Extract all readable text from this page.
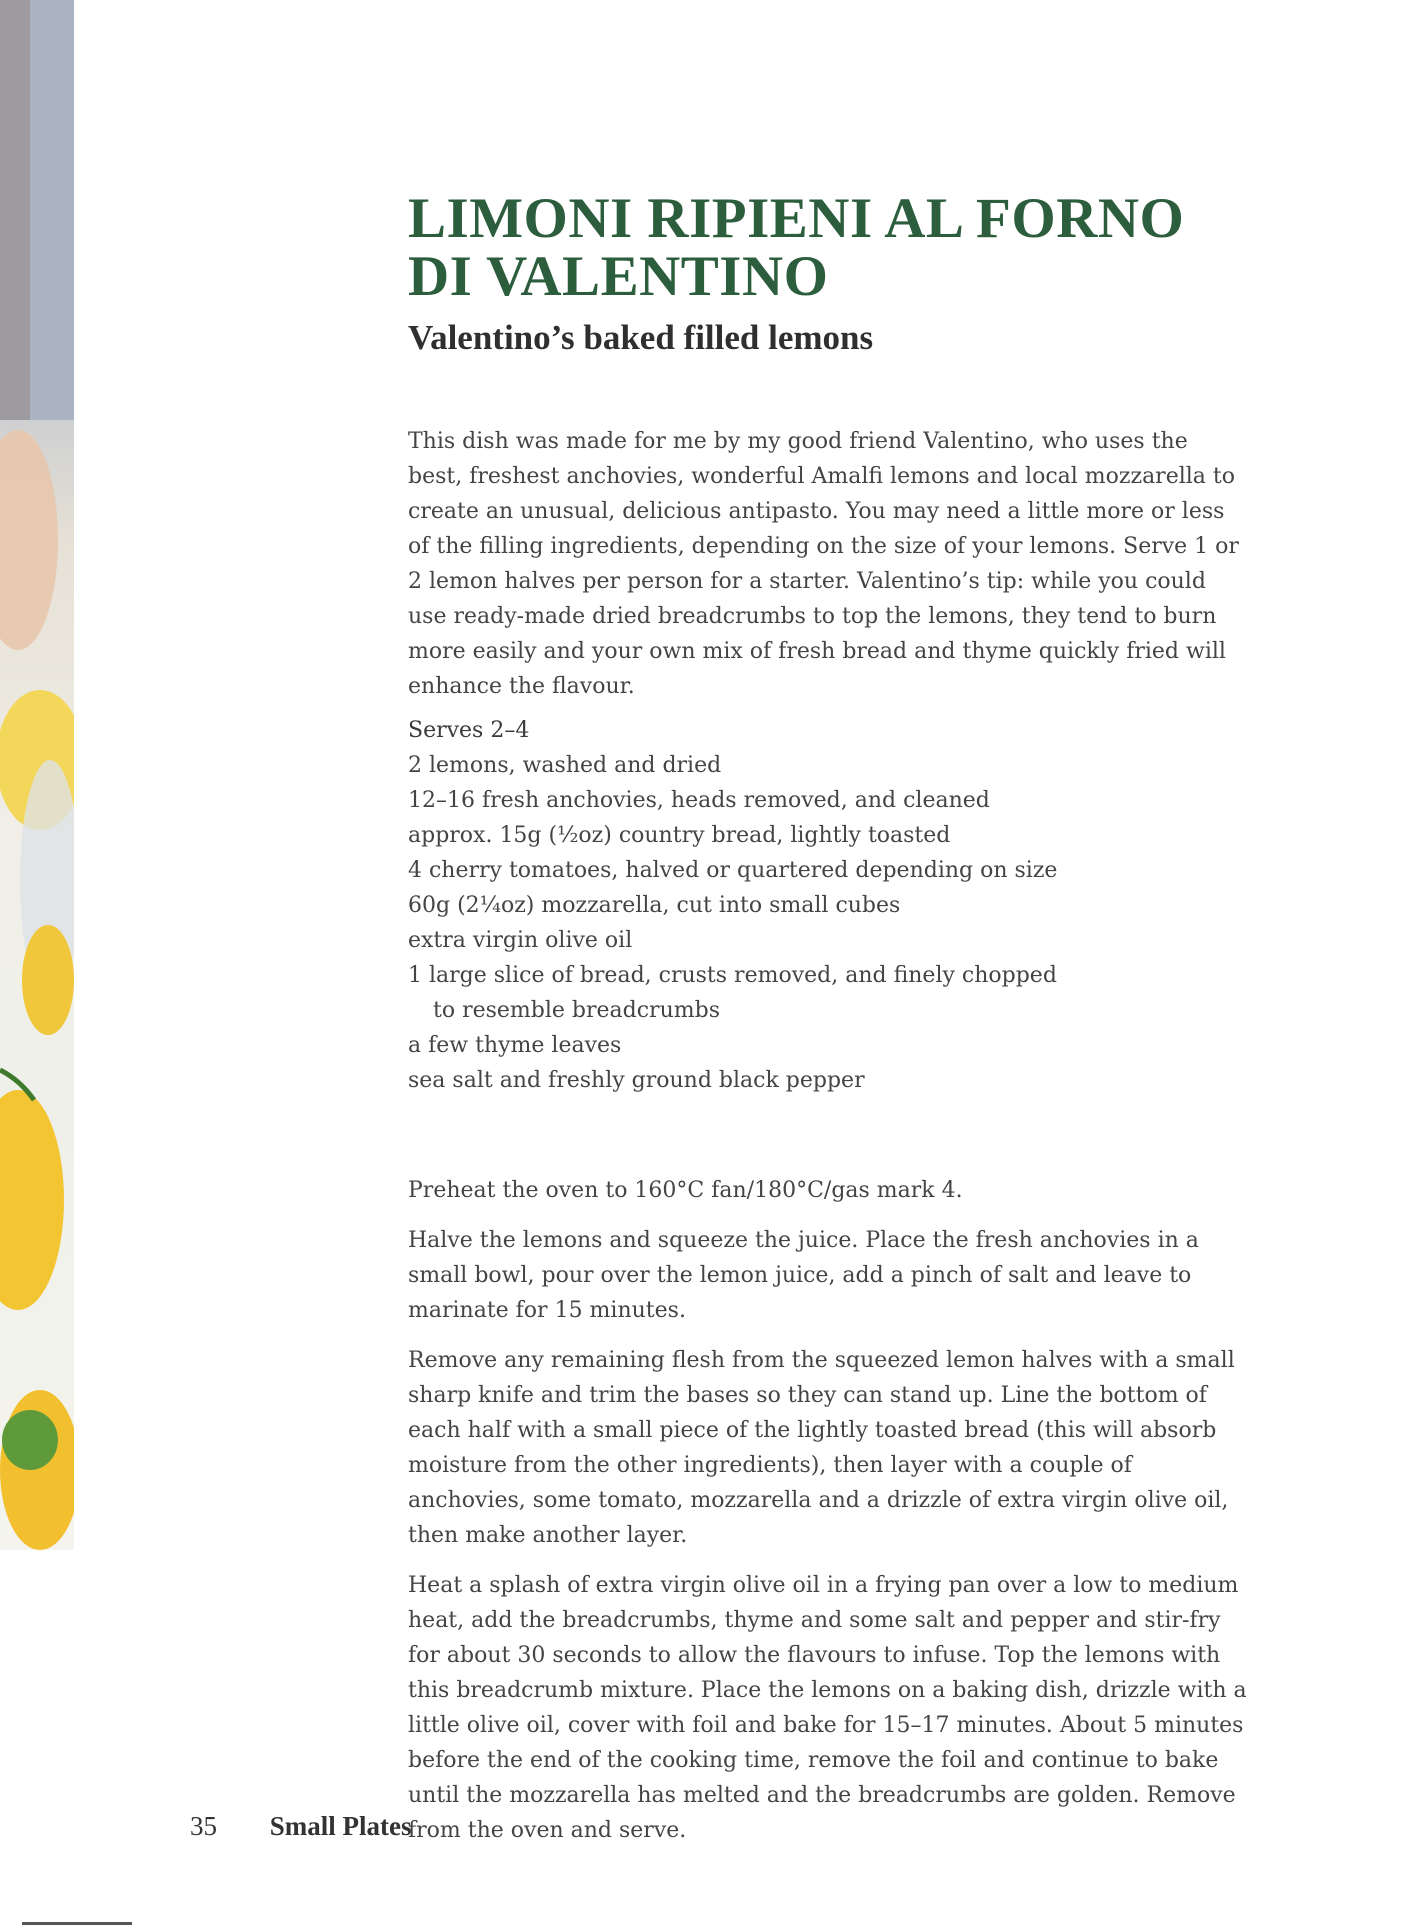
LIMONI RIPIENI AL FORNO
DI VALENTINO
Valentino’s baked filled lemons

This dish was made for me by my good friend Valentino, who uses the best, freshest anchovies, wonderful Amalfi lemons and local mozzarella to create an unusual, delicious antipasto. You may need a little more or less of the filling ingredients, depending on the size of your lemons. Serve 1 or 2 lemon halves per person for a starter. Valentino’s tip: while you could use ready-made dried breadcrumbs to top the lemons, they tend to burn more easily and your own mix of fresh bread and thyme quickly fried will enhance the flavour.

Serves 2–4
2 lemons, washed and dried
12–16 fresh anchovies, heads removed, and cleaned
approx. 15g (½oz) country bread, lightly toasted
4 cherry tomatoes, halved or quartered depending on size
60g (2¼oz) mozzarella, cut into small cubes
extra virgin olive oil
1 large slice of bread, crusts removed, and finely chopped
to resemble breadcrumbs
a few thyme leaves
sea salt and freshly ground black pepper

Preheat the oven to 160°C fan/180°C/gas mark 4.

Halve the lemons and squeeze the juice. Place the fresh anchovies in a small bowl, pour over the lemon juice, add a pinch of salt and leave to marinate for 15 minutes.

Remove any remaining flesh from the squeezed lemon halves with a small sharp knife and trim the bases so they can stand up. Line the bottom of each half with a small piece of the lightly toasted bread (this will absorb moisture from the other ingredients), then layer with a couple of anchovies, some tomato, mozzarella and a drizzle of extra virgin olive oil, then make another layer.

Heat a splash of extra virgin olive oil in a frying pan over a low to medium heat, add the breadcrumbs, thyme and some salt and pepper and stir-fry for about 30 seconds to allow the flavours to infuse. Top the lemons with this breadcrumb mixture. Place the lemons on a baking dish, drizzle with a little olive oil, cover with foil and bake for 15–17 minutes. About 5 minutes before the end of the cooking time, remove the foil and continue to bake until the mozzarella has melted and the breadcrumbs are golden. Remove from the oven and serve.

35 Small Plates
